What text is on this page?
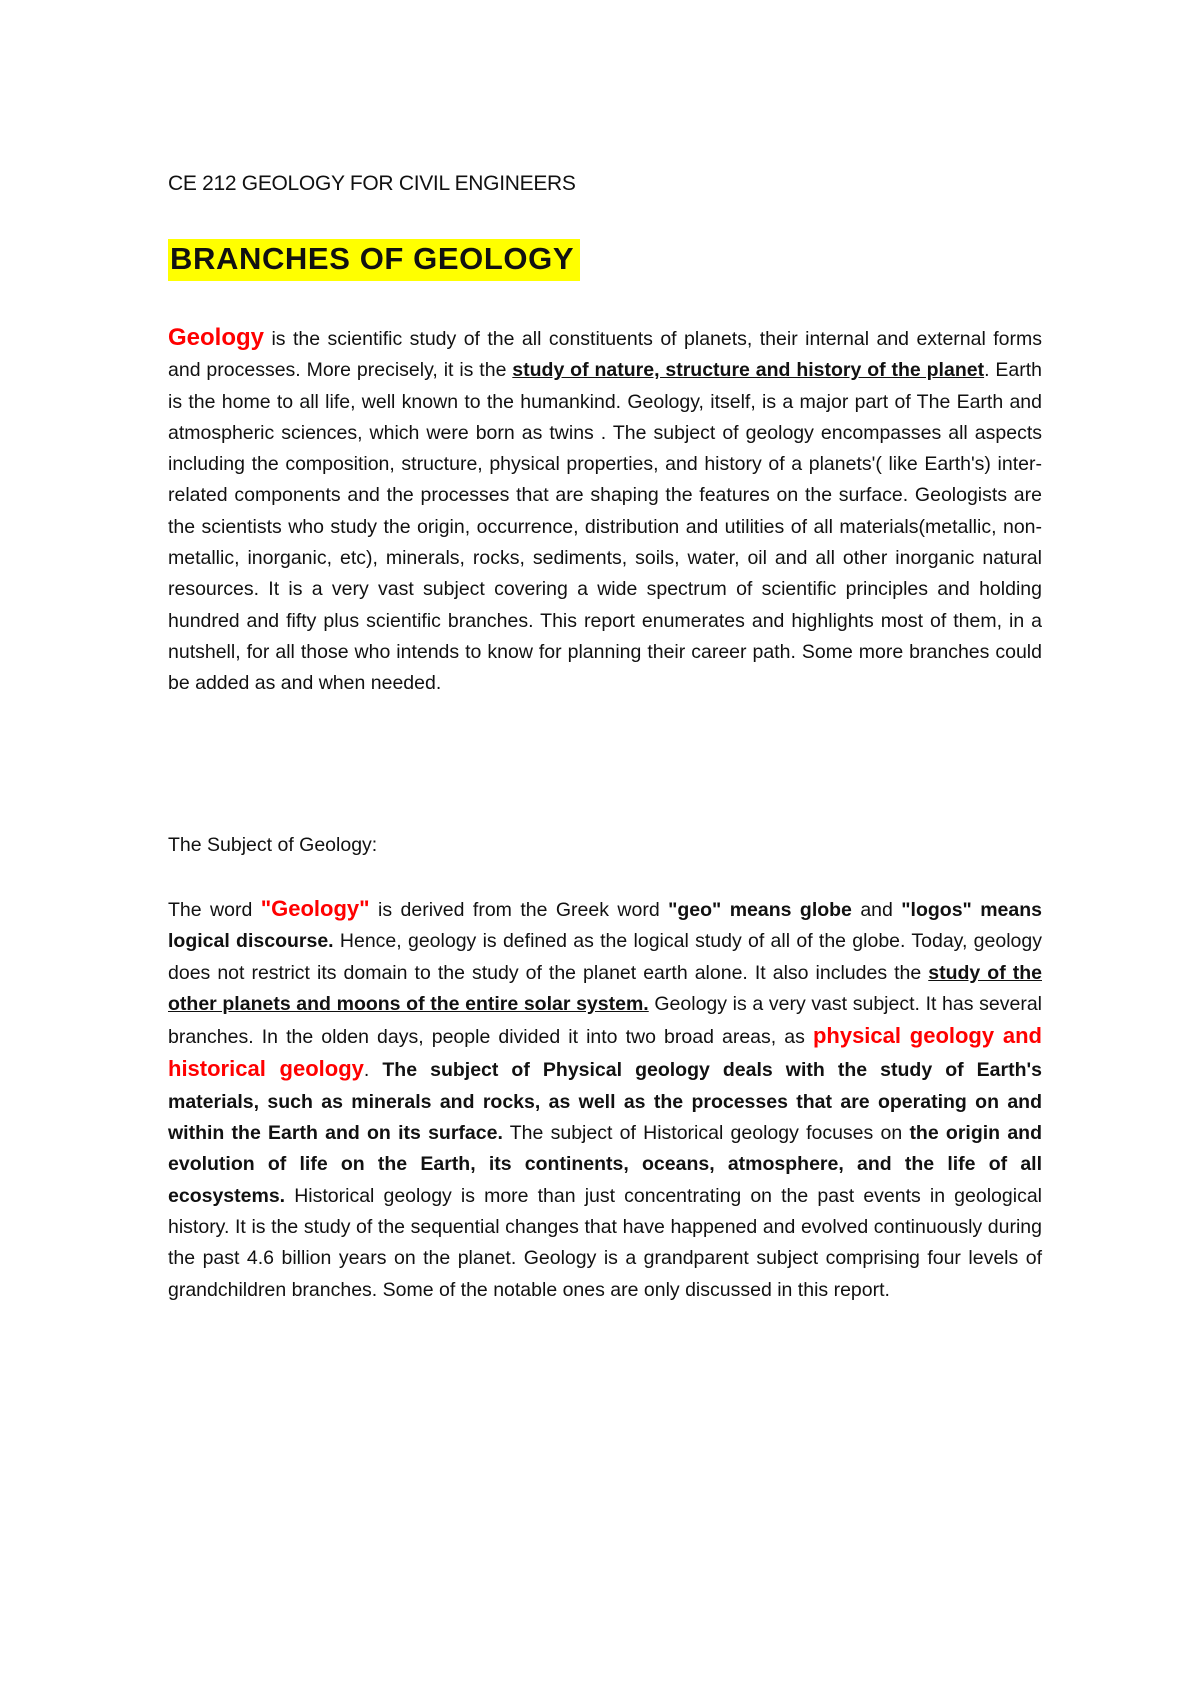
CE 212 GEOLOGY FOR CIVIL ENGINEERS
BRANCHES OF GEOLOGY

Geology is the scientific study of the all constituents of planets, their internal and external forms and processes. More precisely, it is the study of nature, structure and history of the planet. Earth is the home to all life, well known to the humankind. Geology, itself, is a major part of The Earth and atmospheric sciences, which were born as twins . The subject of geology encompasses all aspects including the composition, structure, physical properties, and history of a planets'( like Earth's) inter-related components and the processes that are shaping the features on the surface. Geologists are the scientists who study the origin, occurrence, distribution and utilities of all materials(metallic, non-metallic, inorganic, etc), minerals, rocks, sediments, soils, water, oil and all other inorganic natural resources. It is a very vast subject covering a wide spectrum of scientific principles and holding hundred and fifty plus scientific branches. This report enumerates and highlights most of them, in a nutshell, for all those who intends to know for planning their career path. Some more branches could be added as and when needed.

The Subject of Geology:

The word "Geology" is derived from the Greek word "geo" means globe and "logos" means logical discourse. Hence, geology is defined as the logical study of all of the globe. Today, geology does not restrict its domain to the study of the planet earth alone. It also includes the study of the other planets and moons of the entire solar system. Geology is a very vast subject. It has several branches. In the olden days, people divided it into two broad areas, as physical geology and historical geology. The subject of Physical geology deals with the study of Earth's materials, such as minerals and rocks, as well as the processes that are operating on and within the Earth and on its surface. The subject of Historical geology focuses on the origin and evolution of life on the Earth, its continents, oceans, atmosphere, and the life of all ecosystems. Historical geology is more than just concentrating on the past events in geological history. It is the study of the sequential changes that have happened and evolved continuously during the past 4.6 billion years on the planet. Geology is a grandparent subject comprising four levels of grandchildren branches. Some of the notable ones are only discussed in this report.
